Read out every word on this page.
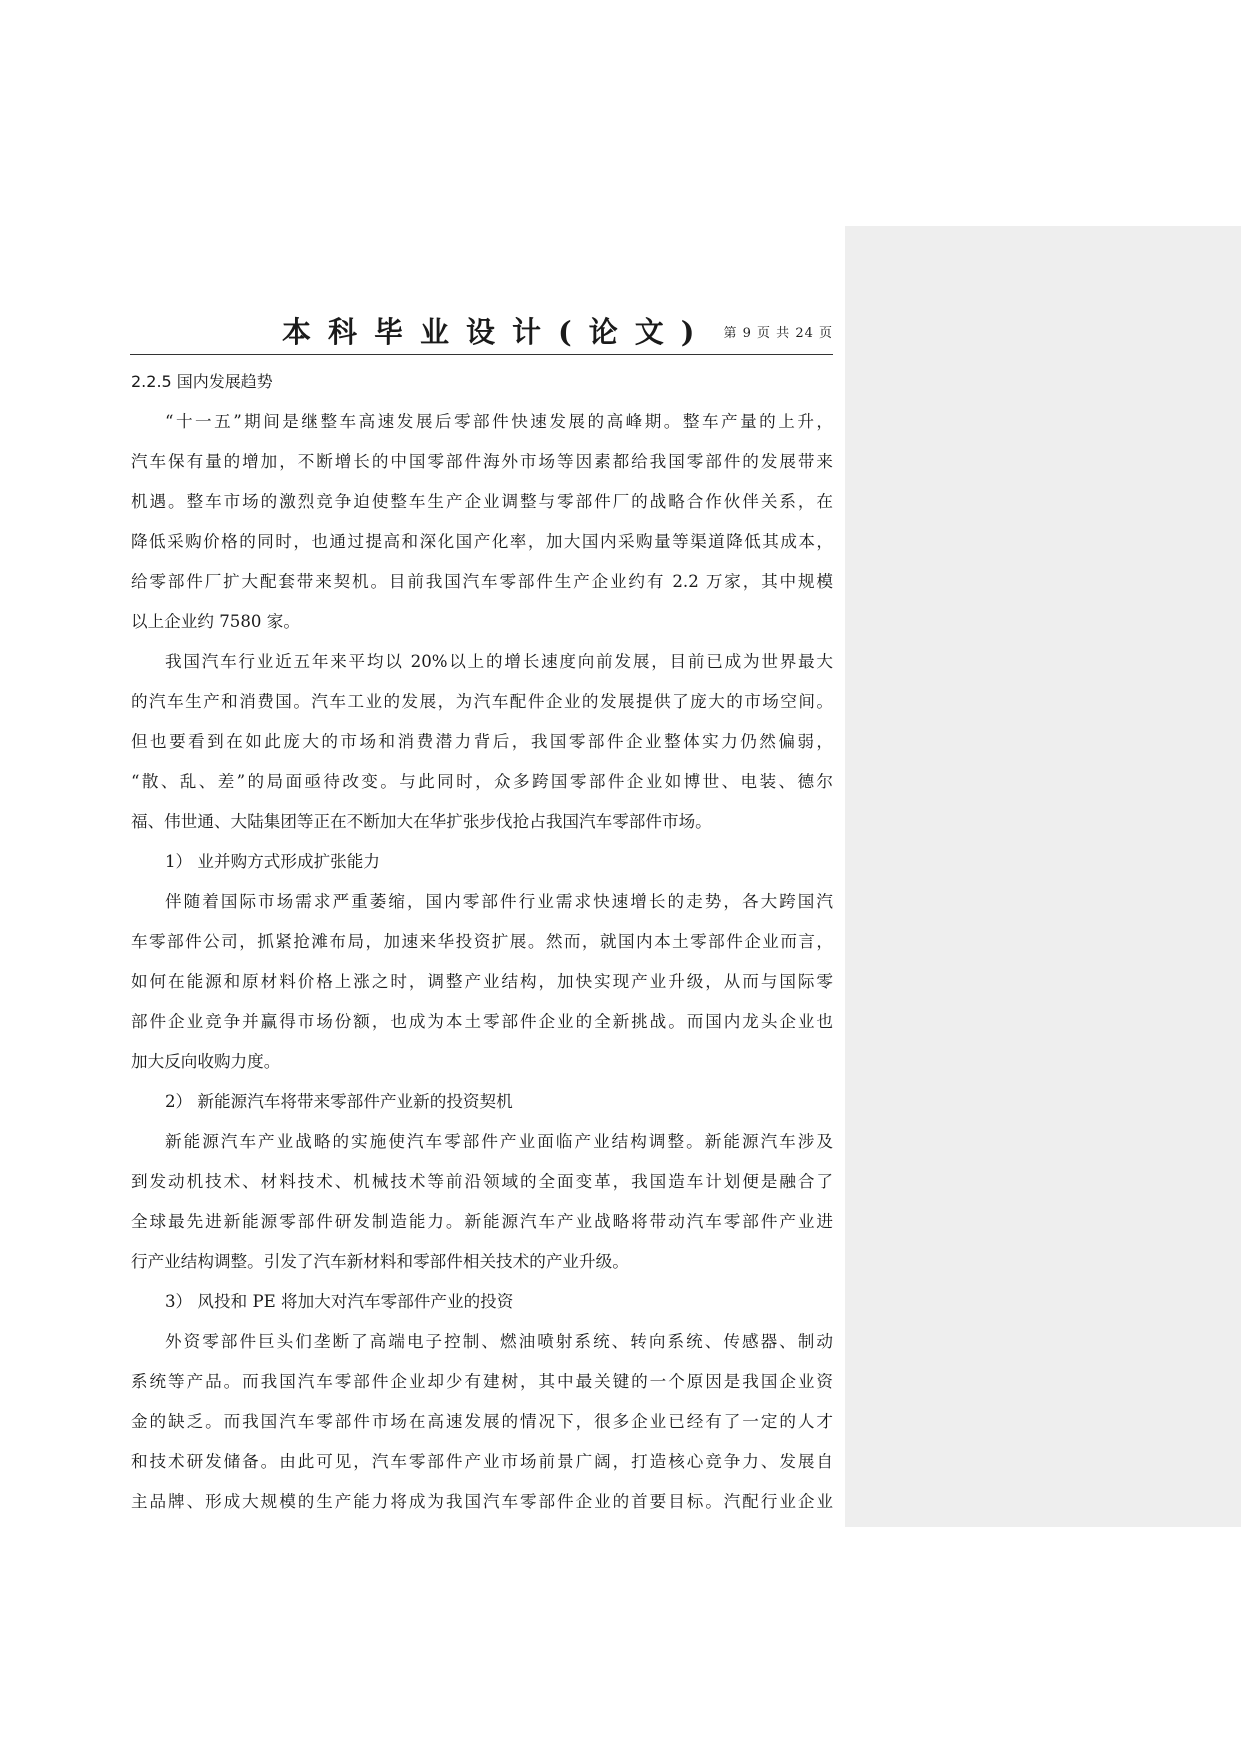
本科毕业设计(论文) 第 9 页 共 24 页
2.2.5 国内发展趋势
“十一五”期间是继整车高速发展后零部件快速发展的高峰期。整车产量的上升，
汽车保有量的增加，不断增长的中国零部件海外市场等因素都给我国零部件的发展带来
机遇。整车市场的激烈竞争迫使整车生产企业调整与零部件厂的战略合作伙伴关系，在
降低采购价格的同时，也通过提高和深化国产化率，加大国内采购量等渠道降低其成本，
给零部件厂扩大配套带来契机。目前我国汽车零部件生产企业约有 2.2 万家，其中规模
以上企业约 7580 家。
我国汽车行业近五年来平均以 20%以上的增长速度向前发展，目前已成为世界最大
的汽车生产和消费国。汽车工业的发展，为汽车配件企业的发展提供了庞大的市场空间。
但也要看到在如此庞大的市场和消费潜力背后，我国零部件企业整体实力仍然偏弱，
“散、乱、差”的局面亟待改变。与此同时，众多跨国零部件企业如博世、电装、德尔
福、伟世通、大陆集团等正在不断加大在华扩张步伐抢占我国汽车零部件市场。
1） 业并购方式形成扩张能力
伴随着国际市场需求严重萎缩，国内零部件行业需求快速增长的走势，各大跨国汽
车零部件公司，抓紧抢滩布局，加速来华投资扩展。然而，就国内本土零部件企业而言，
如何在能源和原材料价格上涨之时，调整产业结构，加快实现产业升级，从而与国际零
部件企业竞争并赢得市场份额，也成为本土零部件企业的全新挑战。而国内龙头企业也
加大反向收购力度。
2） 新能源汽车将带来零部件产业新的投资契机
新能源汽车产业战略的实施使汽车零部件产业面临产业结构调整。新能源汽车涉及
到发动机技术、材料技术、机械技术等前沿领域的全面变革，我国造车计划便是融合了
全球最先进新能源零部件研发制造能力。新能源汽车产业战略将带动汽车零部件产业进
行产业结构调整。引发了汽车新材料和零部件相关技术的产业升级。
3） 风投和 PE 将加大对汽车零部件产业的投资
外资零部件巨头们垄断了高端电子控制、燃油喷射系统、转向系统、传感器、制动
系统等产品。而我国汽车零部件企业却少有建树，其中最关键的一个原因是我国企业资
金的缺乏。而我国汽车零部件市场在高速发展的情况下，很多企业已经有了一定的人才
和技术研发储备。由此可见，汽车零部件产业市场前景广阔，打造核心竞争力、发展自
主品牌、形成大规模的生产能力将成为我国汽车零部件企业的首要目标。汽配行业企业
